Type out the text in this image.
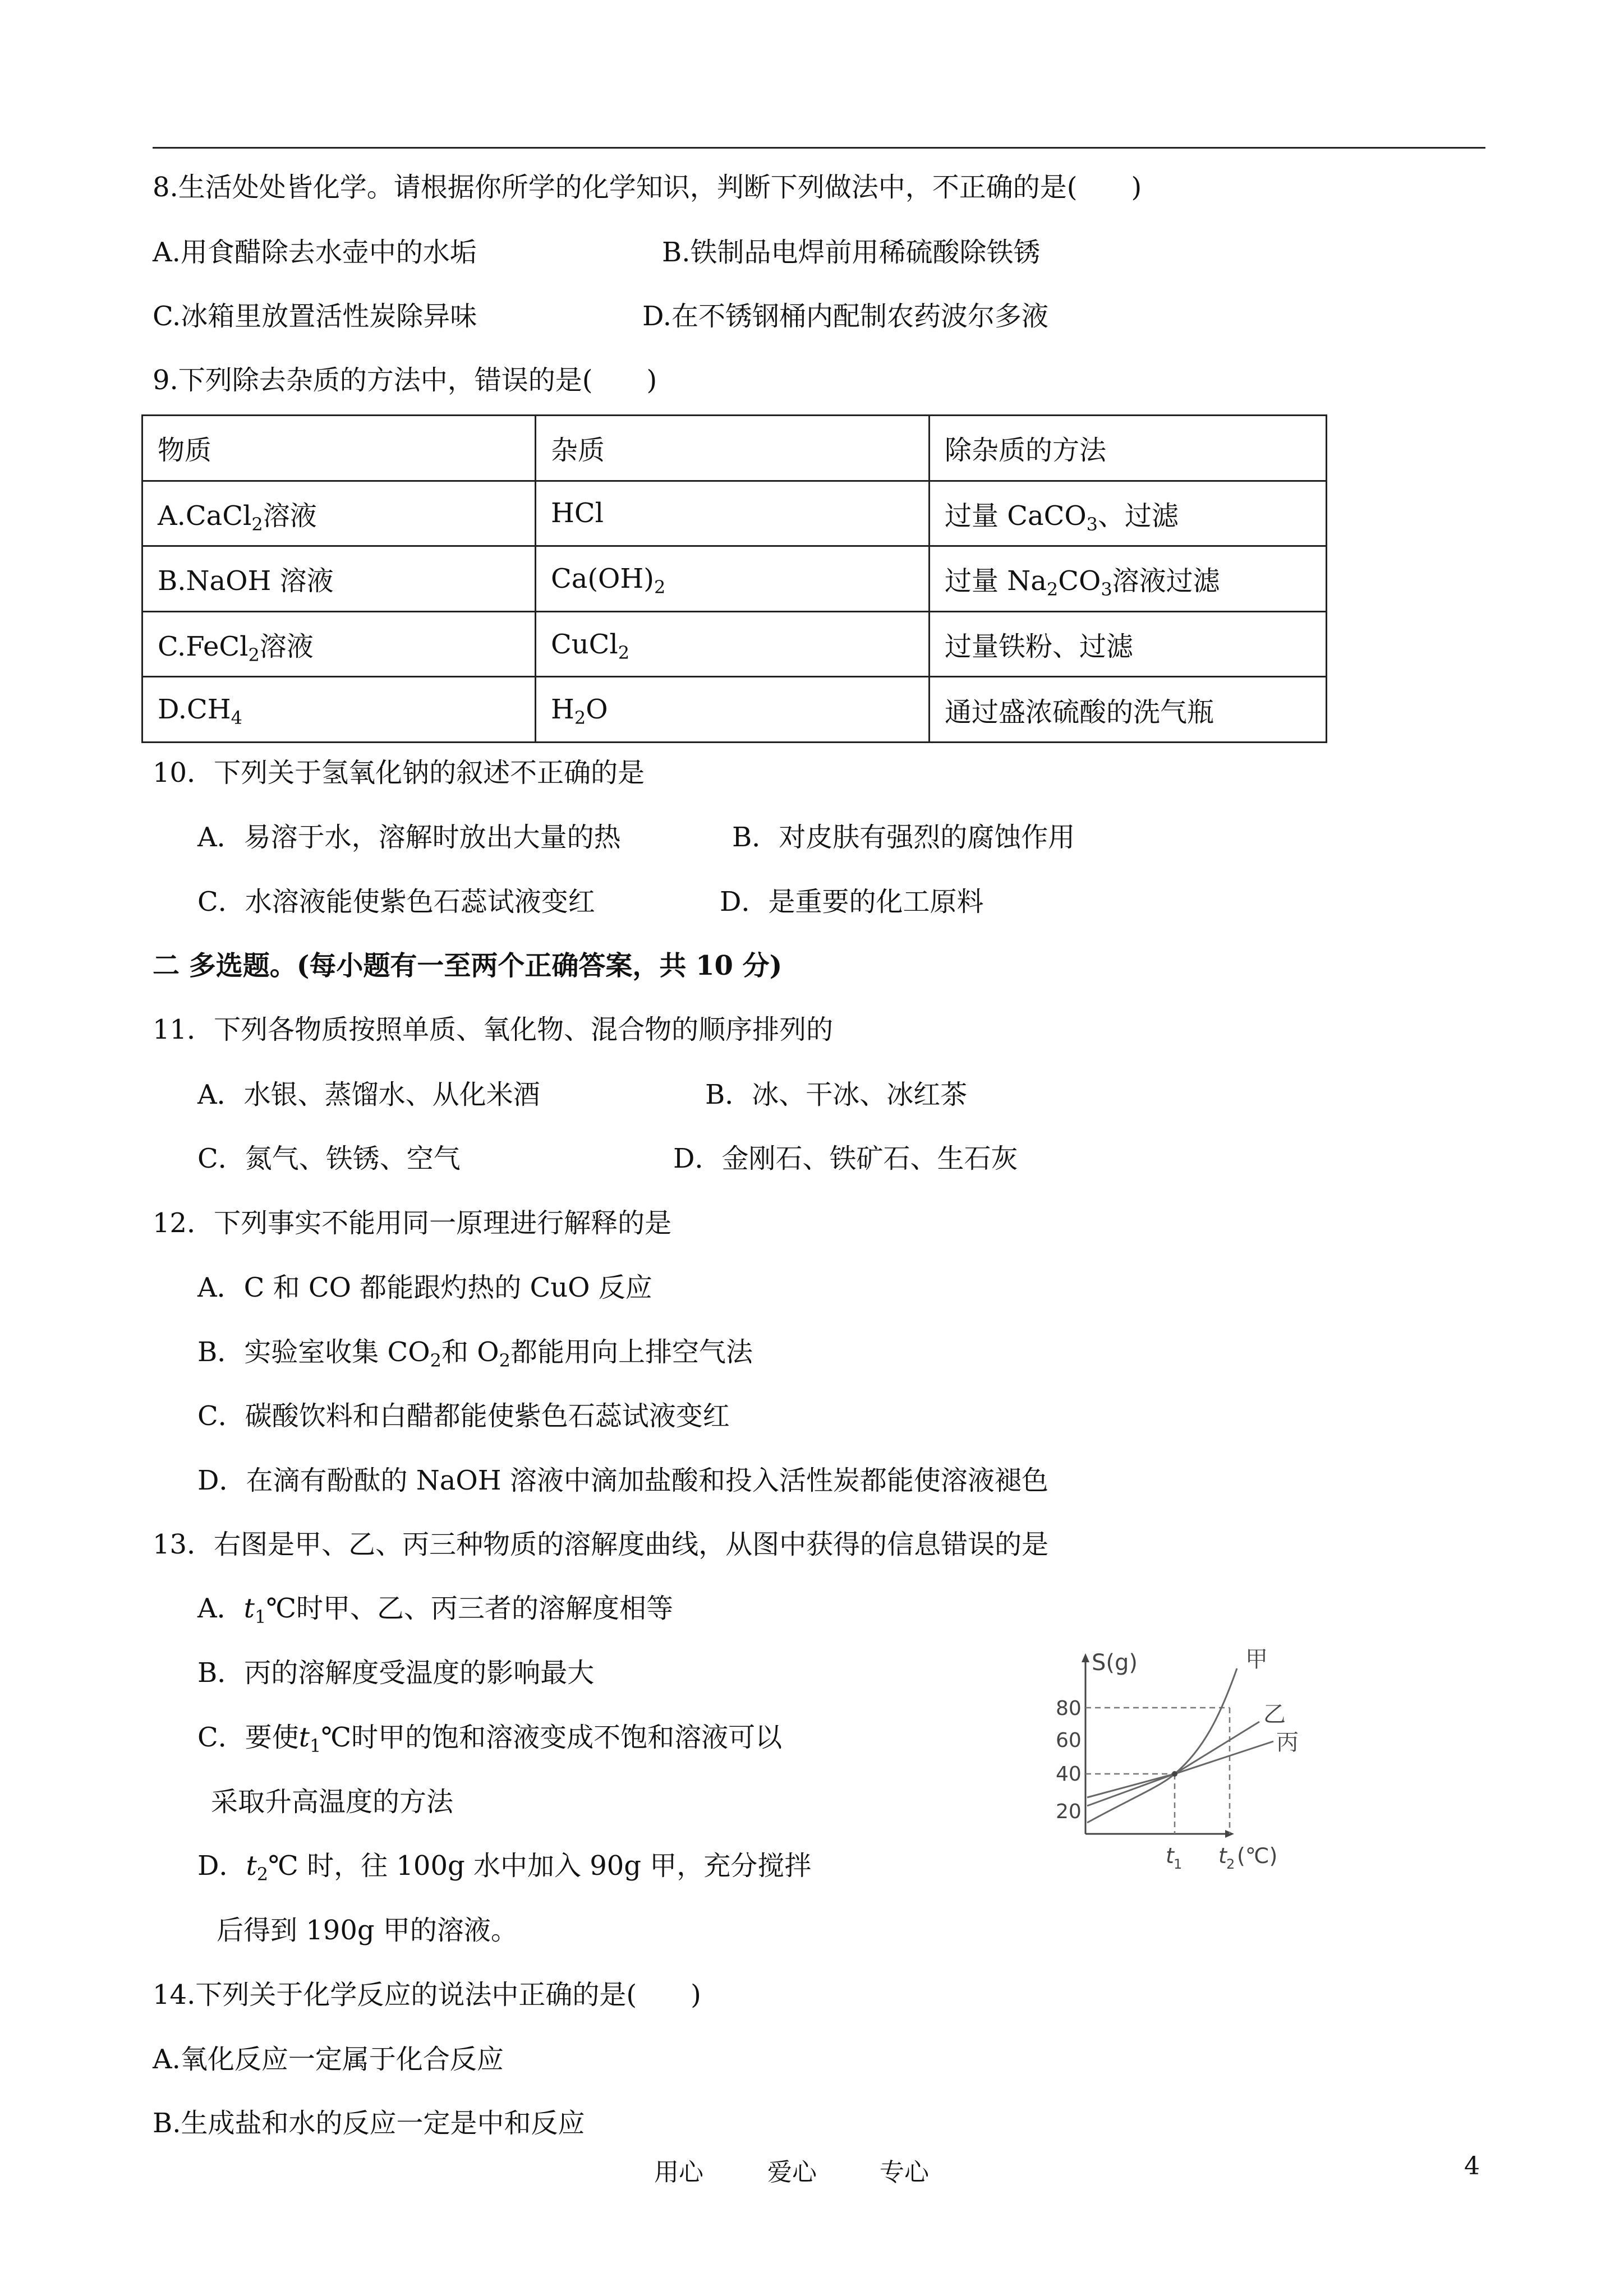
8.生活处处皆化学。请根据你所学的化学知识，判断下列做法中，不正确的是(　　)
A.用食醋除去水壶中的水垢	B.铁制品电焊前用稀硫酸除铁锈
C.冰箱里放置活性炭除异味	D.在不锈钢桶内配制农药波尔多液
9.下列除去杂质的方法中，错误的是(　　)
物质	杂质	除杂质的方法
A.CaCl$_2$溶液	HCl	过量 CaCO$_3$、过滤
B.NaOH 溶液	$Ca(OH)_2$	过量 $Na_2CO_3$溶液过滤
C.FeCl$_2$溶液	CuCl$_2$	过量铁粉、过滤
$D.CH_4$	$H_2O$	通过盛浓硫酸的洗气瓶
10．下列关于氢氧化钠的叙述不正确的是
A．易溶于水，溶解时放出大量的热	B．对皮肤有强烈的腐蚀作用
C．水溶液能使紫色石蕊试液变红	D．是重要的化工原料
二 多选题。(每小题有一至两个正确答案，共 10 分)
11．下列各物质按照单质、氧化物、混合物的顺序排列的
A．水银、蒸馏水、从化米酒	B．冰、干冰、冰红茶
C．氮气、铁锈、空气	D．金刚石、铁矿石、生石灰
12．下列事实不能用同一原理进行解释的是
A．C 和 CO 都能跟灼热的 CuO 反应
B．实验室收集 $CO_2$和 $O_2$都能用向上排空气法
C．碳酸饮料和白醋都能使紫色石蕊试液变红
D．在滴有酚酞的 NaOH 溶液中滴加盐酸和投入活性炭都能使溶液褪色
13．右图是甲、乙、丙三种物质的溶解度曲线，从图中获得的信息错误的是
A．$t_1℃$时甲、乙、丙三者的溶解度相等
B．丙的溶解度受温度的影响最大
C．要使$t_1℃$时甲的饱和溶液变成不饱和溶液可以
采取升高温度的方法
D．$t_2℃$ 时，往 100g 水中加入 90g 甲，充分搅拌
后得到 190g 甲的溶液。
S(g)
80
60
40
20
甲
乙
丙
t 1 t 2 (℃)
14.下列关于化学反应的说法中正确的是(　　)
A.氧化反应一定属于化合反应
B.生成盐和水的反应一定是中和反应
用心	爱心	专心	4
